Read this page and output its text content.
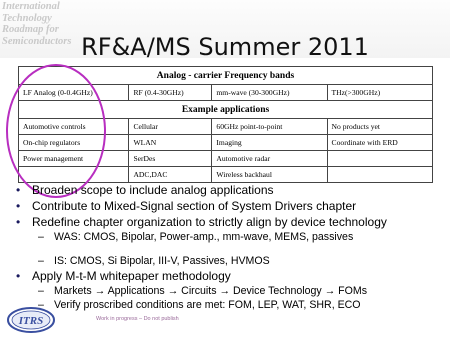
International
Technology
Roadmap for
Semiconductors RF&A/MS Summer 2011
Analog - carrier Frequency bands			
LF Analog (0-0.4GHz)	RF (0.4-30GHz)	mm-wave (30-300GHz)	THz(>300GHz)
Example applications			
Automotive controls	Cellular	60GHz point-to-point	No products yet
On-chip regulators	WLAN	Imaging	Coordinate with ERD
Power management	SerDes	Automotive radar	
	ADC,DAC	Wireless backhaul	
• Broaden scope to include analog applications
• Contribute to Mixed-Signal section of System Drivers chapter
• Redefine chapter organization to strictly align by device technology
– WAS: CMOS, Bipolar, Power-amp., mm-wave, MEMS, passives
– IS: CMOS, Si Bipolar, III-V, Passives, HVMOS
• Apply M-t-M whitepaper methodology
– Markets → Applications → Circuits → Device Technology → FOMs
– Verify proscribed conditions are met: FOM, LEP, WAT, SHR, ECO
ITRS	Work in progress – Do not publish
